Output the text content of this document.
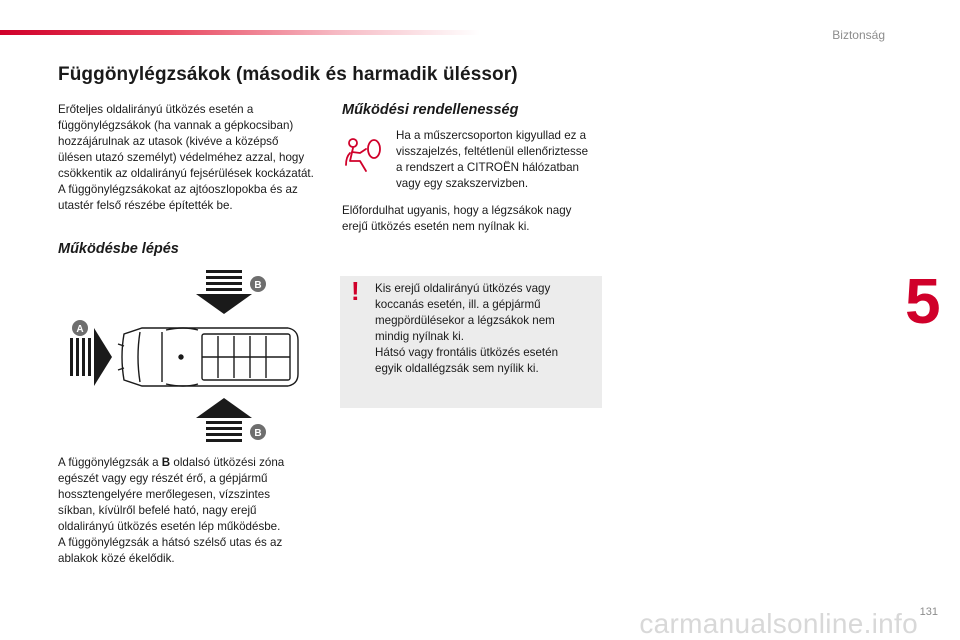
Biztonság
Függönylégzsákok (második és harmadik üléssor)

Erőteljes oldalirányú ütközés esetén a

függönylégzsákok (ha vannak a gépkocsiban)

hozzájárulnak az utasok (kivéve a középső

ülésen utazó személyt) védelméhez azzal, hogy

csökkentik az oldalirányú fejsérülések kockázatát.

A függönylégzsákokat az ajtóoszlopokba és az

utastér felső részébe építették be.

Működésbe lépés
A
B
B

A függönylégzsák a B oldalsó ütközési zóna

egészét vagy egy részét érő, a gépjármű

hossztengelyére merőlegesen, vízszintes

síkban, kívülről befelé ható, nagy erejű

oldalirányú ütközés esetén lép működésbe.

A függönylégzsák a hátsó szélső utas és az

ablakok közé ékelődik.

Működési rendellenesség

Ha a műszercsoporton kigyullad ez a

visszajelzés, feltétlenül ellenőriztesse

a rendszert a CITROËN hálózatban

vagy egy szakszervizben.

Előfordulhat ugyanis, hogy a légzsákok nagy

erejű ütközés esetén nem nyílnak ki.

! Kis erejű oldalirányú ütközés vagy

koccanás esetén, ill. a gépjármű

megpördülésekor a légzsákok nem

mindig nyílnak ki.

Hátsó vagy frontális ütközés esetén

egyik oldallégzsák sem nyílik ki.

5
131
carmanualsonline.info
